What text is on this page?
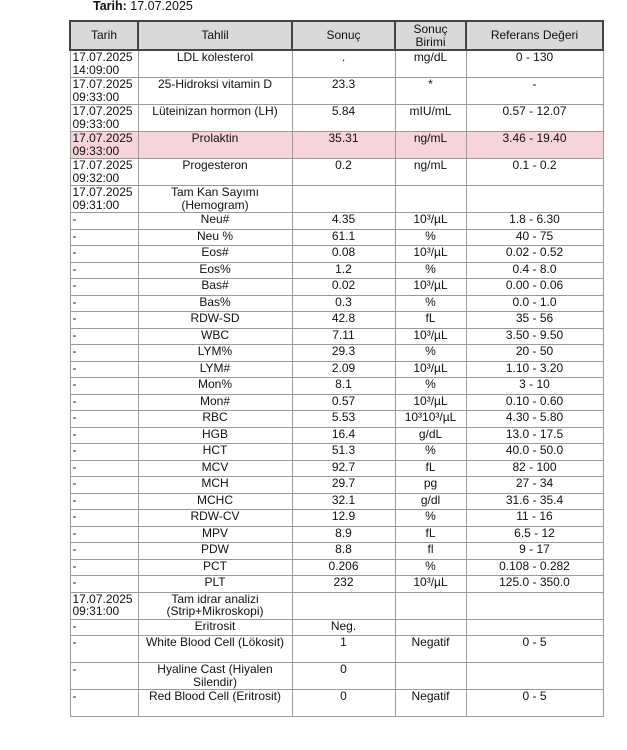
Tarih: 17.07.2025
Tarih	Tahlil	Sonuç	Sonuç Birimi	Referans Değeri
17.07.2025 14:09:00	LDL kolesterol	.	mg/dL	0 - 130
17.07.2025 09:33:00	25-Hidroksi vitamin D	23.3	*	-
17.07.2025 09:33:00	Lüteinizan hormon (LH)	5.84	mIU/mL	0.57 - 12.07
17.07.2025 09:33:00	Prolaktin	35.31	ng/mL	3.46 - 19.40
17.07.2025 09:32:00	Progesteron	0.2	ng/mL	0.1 - 0.2
17.07.2025 09:31:00	Tam Kan Sayımı (Hemogram)			
-	Neu#	4.35	10³/µL	1.8 - 6.30
-	Neu %	61.1	%	40 - 75
-	Eos#	0.08	10³/µL	0.02 - 0.52
-	Eos%	1.2	%	0.4 - 8.0
-	Bas#	0.02	10³/µL	0.00 - 0.06
-	Bas%	0.3	%	0.0 - 1.0
-	RDW-SD	42.8	fL	35 - 56
-	WBC	7.11	10³/µL	3.50 - 9.50
-	LYM%	29.3	%	20 - 50
-	LYM#	2.09	10³/µL	1.10 - 3.20
-	Mon%	8.1	%	3 - 10
-	Mon#	0.57	10³/µL	0.10 - 0.60
-	RBC	5.53	10³10³/µL	4.30 - 5.80
-	HGB	16.4	g/dL	13.0 - 17.5
-	HCT	51.3	%	40.0 - 50.0
-	MCV	92.7	fL	82 - 100
-	MCH	29.7	pg	27 - 34
-	MCHC	32.1	g/dl	31.6 - 35.4
-	RDW-CV	12.9	%	11 - 16
-	MPV	8.9	fL	6.5 - 12
-	PDW	8.8	fl	9 - 17
-	PCT	0.206	%	0.108 - 0.282
-	PLT	232	10³/µL	125.0 - 350.0
17.07.2025 09:31:00	Tam idrar analizi (Strip+Mikroskopi)			
-	Eritrosit	Neg.		
-	White Blood Cell (Lökosit)	1	Negatif	0 - 5
-	Hyaline Cast (Hiyalen Silendir)	0		
-	Red Blood Cell (Eritrosit)	0	Negatif	0 - 5
